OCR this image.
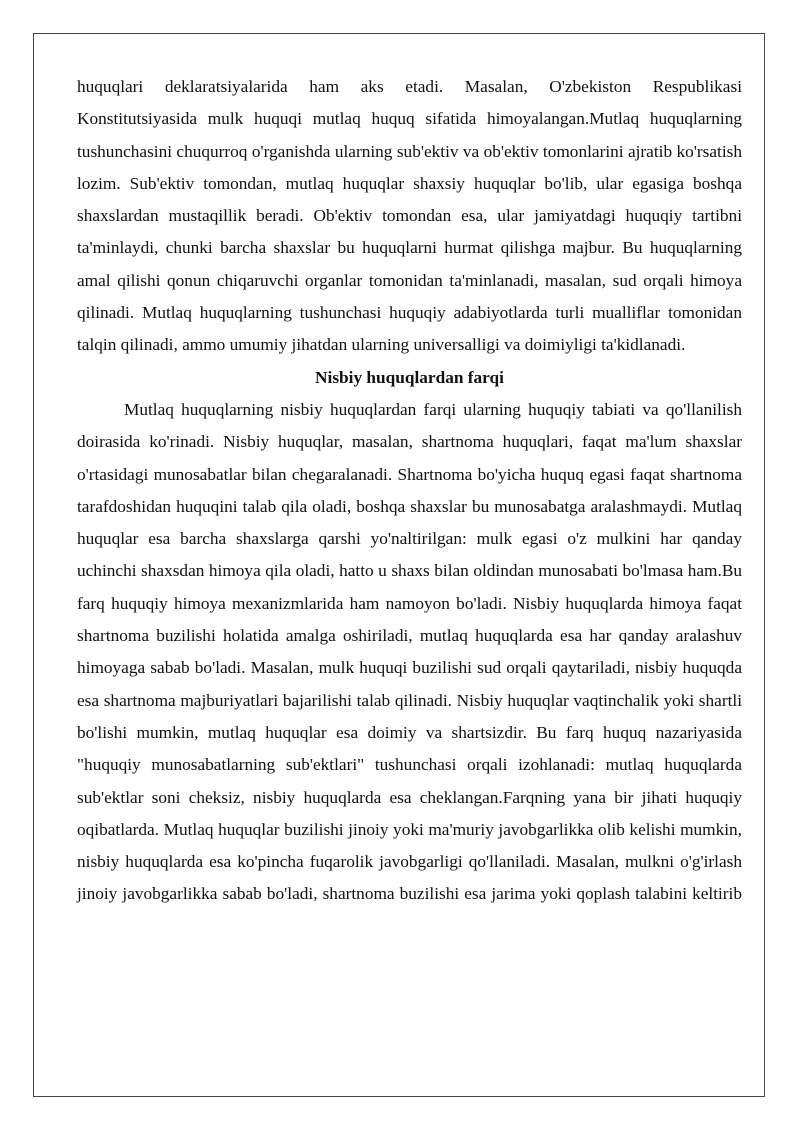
huquqlari deklaratsiyalarida ham aks etadi. Masalan, O'zbekiston Respublikasi Konstitutsiyasida mulk huquqi mutlaq huquq sifatida himoyalangan.Mutlaq huquqlarning tushunchasini chuqurroq o'rganishda ularning sub'ektiv va ob'ektiv tomonlarini ajratib ko'rsatish lozim. Sub'ektiv tomondan, mutlaq huquqlar shaxsiy huquqlar bo'lib, ular egasiga boshqa shaxslardan mustaqillik beradi. Ob'ektiv tomondan esa, ular jamiyatdagi huquqiy tartibni ta'minlaydi, chunki barcha shaxslar bu huquqlarni hurmat qilishga majbur. Bu huquqlarning amal qilishi qonun chiqaruvchi organlar tomonidan ta'minlanadi, masalan, sud orqali himoya qilinadi. Mutlaq huquqlarning tushunchasi huquqiy adabiyotlarda turli mualliflar tomonidan talqin qilinadi, ammo umumiy jihatdan ularning universalligi va doimiyligi ta'kidlanadi.

Nisbiy huquqlardan farqi

Mutlaq huquqlarning nisbiy huquqlardan farqi ularning huquqiy tabiati va qo'llanilish doirasida ko'rinadi. Nisbiy huquqlar, masalan, shartnoma huquqlari, faqat ma'lum shaxslar o'rtasidagi munosabatlar bilan chegaralanadi. Shartnoma bo'yicha huquq egasi faqat shartnoma tarafdoshidan huquqini talab qila oladi, boshqa shaxslar bu munosabatga aralashmaydi. Mutlaq huquqlar esa barcha shaxslarga qarshi yo'naltirilgan: mulk egasi o'z mulkini har qanday uchinchi shaxsdan himoya qila oladi, hatto u shaxs bilan oldindan munosabati bo'lmasa ham.Bu farq huquqiy himoya mexanizmlarida ham namoyon bo'ladi. Nisbiy huquqlarda himoya faqat shartnoma buzilishi holatida amalga oshiriladi, mutlaq huquqlarda esa har qanday aralashuv himoyaga sabab bo'ladi. Masalan, mulk huquqi buzilishi sud orqali qaytariladi, nisbiy huquqda esa shartnoma majburiyatlari bajarilishi talab qilinadi. Nisbiy huquqlar vaqtinchalik yoki shartli bo'lishi mumkin, mutlaq huquqlar esa doimiy va shartsizdir. Bu farq huquq nazariyasida "huquqiy munosabatlarning sub'ektlari" tushunchasi orqali izohlanadi: mutlaq huquqlarda sub'ektlar soni cheksiz, nisbiy huquqlarda esa cheklangan.Farqning yana bir jihati huquqiy oqibatlarda. Mutlaq huquqlar buzilishi jinoiy yoki ma'muriy javobgarlikka olib kelishi mumkin, nisbiy huquqlarda esa ko'pincha fuqarolik javobgarligi qo'llaniladi. Masalan, mulkni o'g'irlash jinoiy javobgarlikka sabab bo'ladi, shartnoma buzilishi esa jarima yoki qoplash talabini keltirib
